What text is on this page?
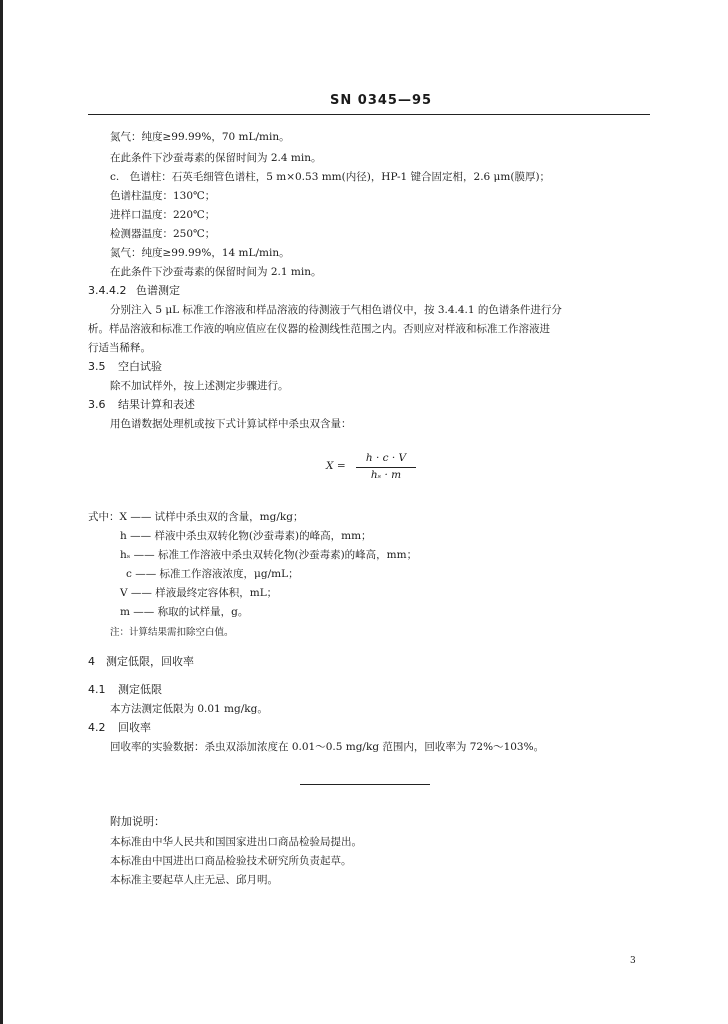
SN 0345—95
氮气：纯度≥99.99%，70 mL/min。
在此条件下沙蚕毒素的保留时间为 2.4 min。
c.　色谱柱：石英毛细管色谱柱，5 m×0.53 mm(内径)，HP-1 键合固定相，2.6 μm(膜厚)；
色谱柱温度：130℃；
进样口温度：220℃；
检测器温度：250℃；
氮气：纯度≥99.99%，14 mL/min。
在此条件下沙蚕毒素的保留时间为 2.1 min。
3.4.4.2 色谱测定
分别注入 5 μL 标准工作溶液和样品溶液的待测液于气相色谱仪中，按 3.4.4.1 的色谱条件进行分
析。样品溶液和标准工作液的响应值应在仪器的检测线性范围之内。否则应对样液和标准工作溶液进
行适当稀释。
3.5 空白试验
除不加试样外，按上述测定步骤进行。
3.6 结果计算和表述
用色谱数据处理机或按下式计算试样中杀虫双含量：
X =
h · c · V
hₛ · m
式中：X —— 试样中杀虫双的含量，mg/kg；
h —— 样液中杀虫双转化物(沙蚕毒素)的峰高，mm；
hₛ —— 标准工作溶液中杀虫双转化物(沙蚕毒素)的峰高，mm；
c —— 标准工作溶液浓度，μg/mL；
V —— 样液最终定容体积，mL；
m —— 称取的试样量，g。
注：计算结果需扣除空白值。
4 测定低限，回收率
4.1 测定低限
本方法测定低限为 0.01 mg/kg。
4.2 回收率
回收率的实验数据：杀虫双添加浓度在 0.01～0.5 mg/kg 范围内，回收率为 72%～103%。
附加说明：
本标准由中华人民共和国国家进出口商品检验局提出。
本标准由中国进出口商品检验技术研究所负责起草。
本标准主要起草人庄无忌、邱月明。
3
